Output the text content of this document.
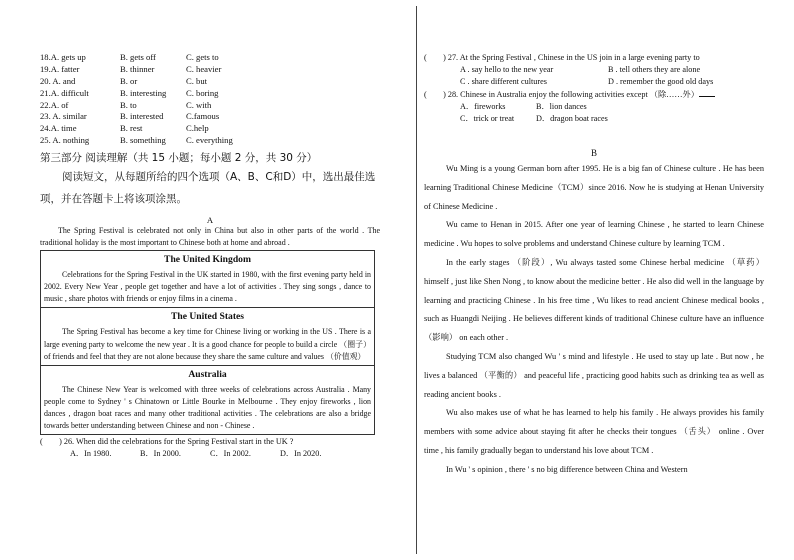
18.A. gets up	B. gets off	C. gets to
19.A. fatter	B. thinner	C. heavier
20. A. and	B. or	C. but
21.A. difficult	B. interesting	C. boring
22.A. of	B. to	C. with
23. A. similar	B. interested	C.famous
24.A. time	B. rest	C.help
25. A. nothing	B. something	C. everything
第三部分 阅读理解（共 15 小题；每小题 2 分，共 30 分）

阅读短文，从每题所给的四个选项（A、B、C和D）中，选出最佳选项，并在答题卡上将该项涂黑。

A

The Spring Festival is celebrated not only in China but also in other parts of the world . The traditional holiday is the most important to Chinese both at home and abroad .

The United Kingdom

Celebrations for the Spring Festival in the UK started in 1980, with the first evening party held in 2002. Every New Year , people get together and have a lot of activities . They sing songs , dance to music , share photos with friends or enjoy films in a cinema .

The United States

The Spring Festival has become a key time for Chinese living or working in the US . There is a large evening party to welcome the new year . It is a good chance for people to build a circle （圈子） of friends and feel that they are not alone because they share the same culture and values （价值观）

Australia

The Chinese New Year is welcomed with three weeks of celebrations across Australia . Many people come to Sydney ' s Chinatown or Little Bourke in Melbourne . They enjoy fireworks , lion dances , dragon boat races and many other traditional activities . The celebrations are also a bridge towards better understanding between Chinese and non - Chinese .

(　　) 26. When did the celebrations for the Spring Festival start in the UK ?
A．In 1980.	B．In 2000.	C．In 2002.	D．In 2020.
(　　) 27. At the Spring Festival , Chinese in the US join in a large evening party to
A . say hello to the new year	B . tell others they are alone
C . share different cultures	D . remember the good old days
(　　) 28. Chinese in Australia enjoy the following activities except （除……外）
A．fireworks	B．lion dances
C．trick or treat	D．dragon boat races
B

Wu Ming is a young German born after 1995. He is a big fan of Chinese culture . He has been learning Traditional Chinese Medicine（TCM）since 2016. Now he is studying at Henan University of Chinese Medicine .

Wu came to Henan in 2015. After one year of learning Chinese , he started to learn Chinese medicine . Wu hopes to solve problems and understand Chinese culture by learning TCM .

In the early stages （阶段）, Wu always tasted some Chinese herbal medicine （草药） himself , just like Shen Nong , to know about the medicine better . He also did well in the language by learning and practicing Chinese . In his free time , Wu likes to read ancient Chinese medical books , such as Huangdi Neijing . He believes different kinds of traditional Chinese culture have an influence（影响） on each other .

Studying TCM also changed Wu ' s mind and lifestyle . He used to stay up late . But now , he lives a balanced （平衡的） and peaceful life , practicing good habits such as drinking tea as well as reading ancient books .

Wu also makes use of what he has learned to help his family . He always provides his family members with some advice about staying fit after he checks their tongues （舌头） online . Over time , his family gradually began to understand his love about TCM .

In Wu ' s opinion , there ' s no big difference between China and Western
